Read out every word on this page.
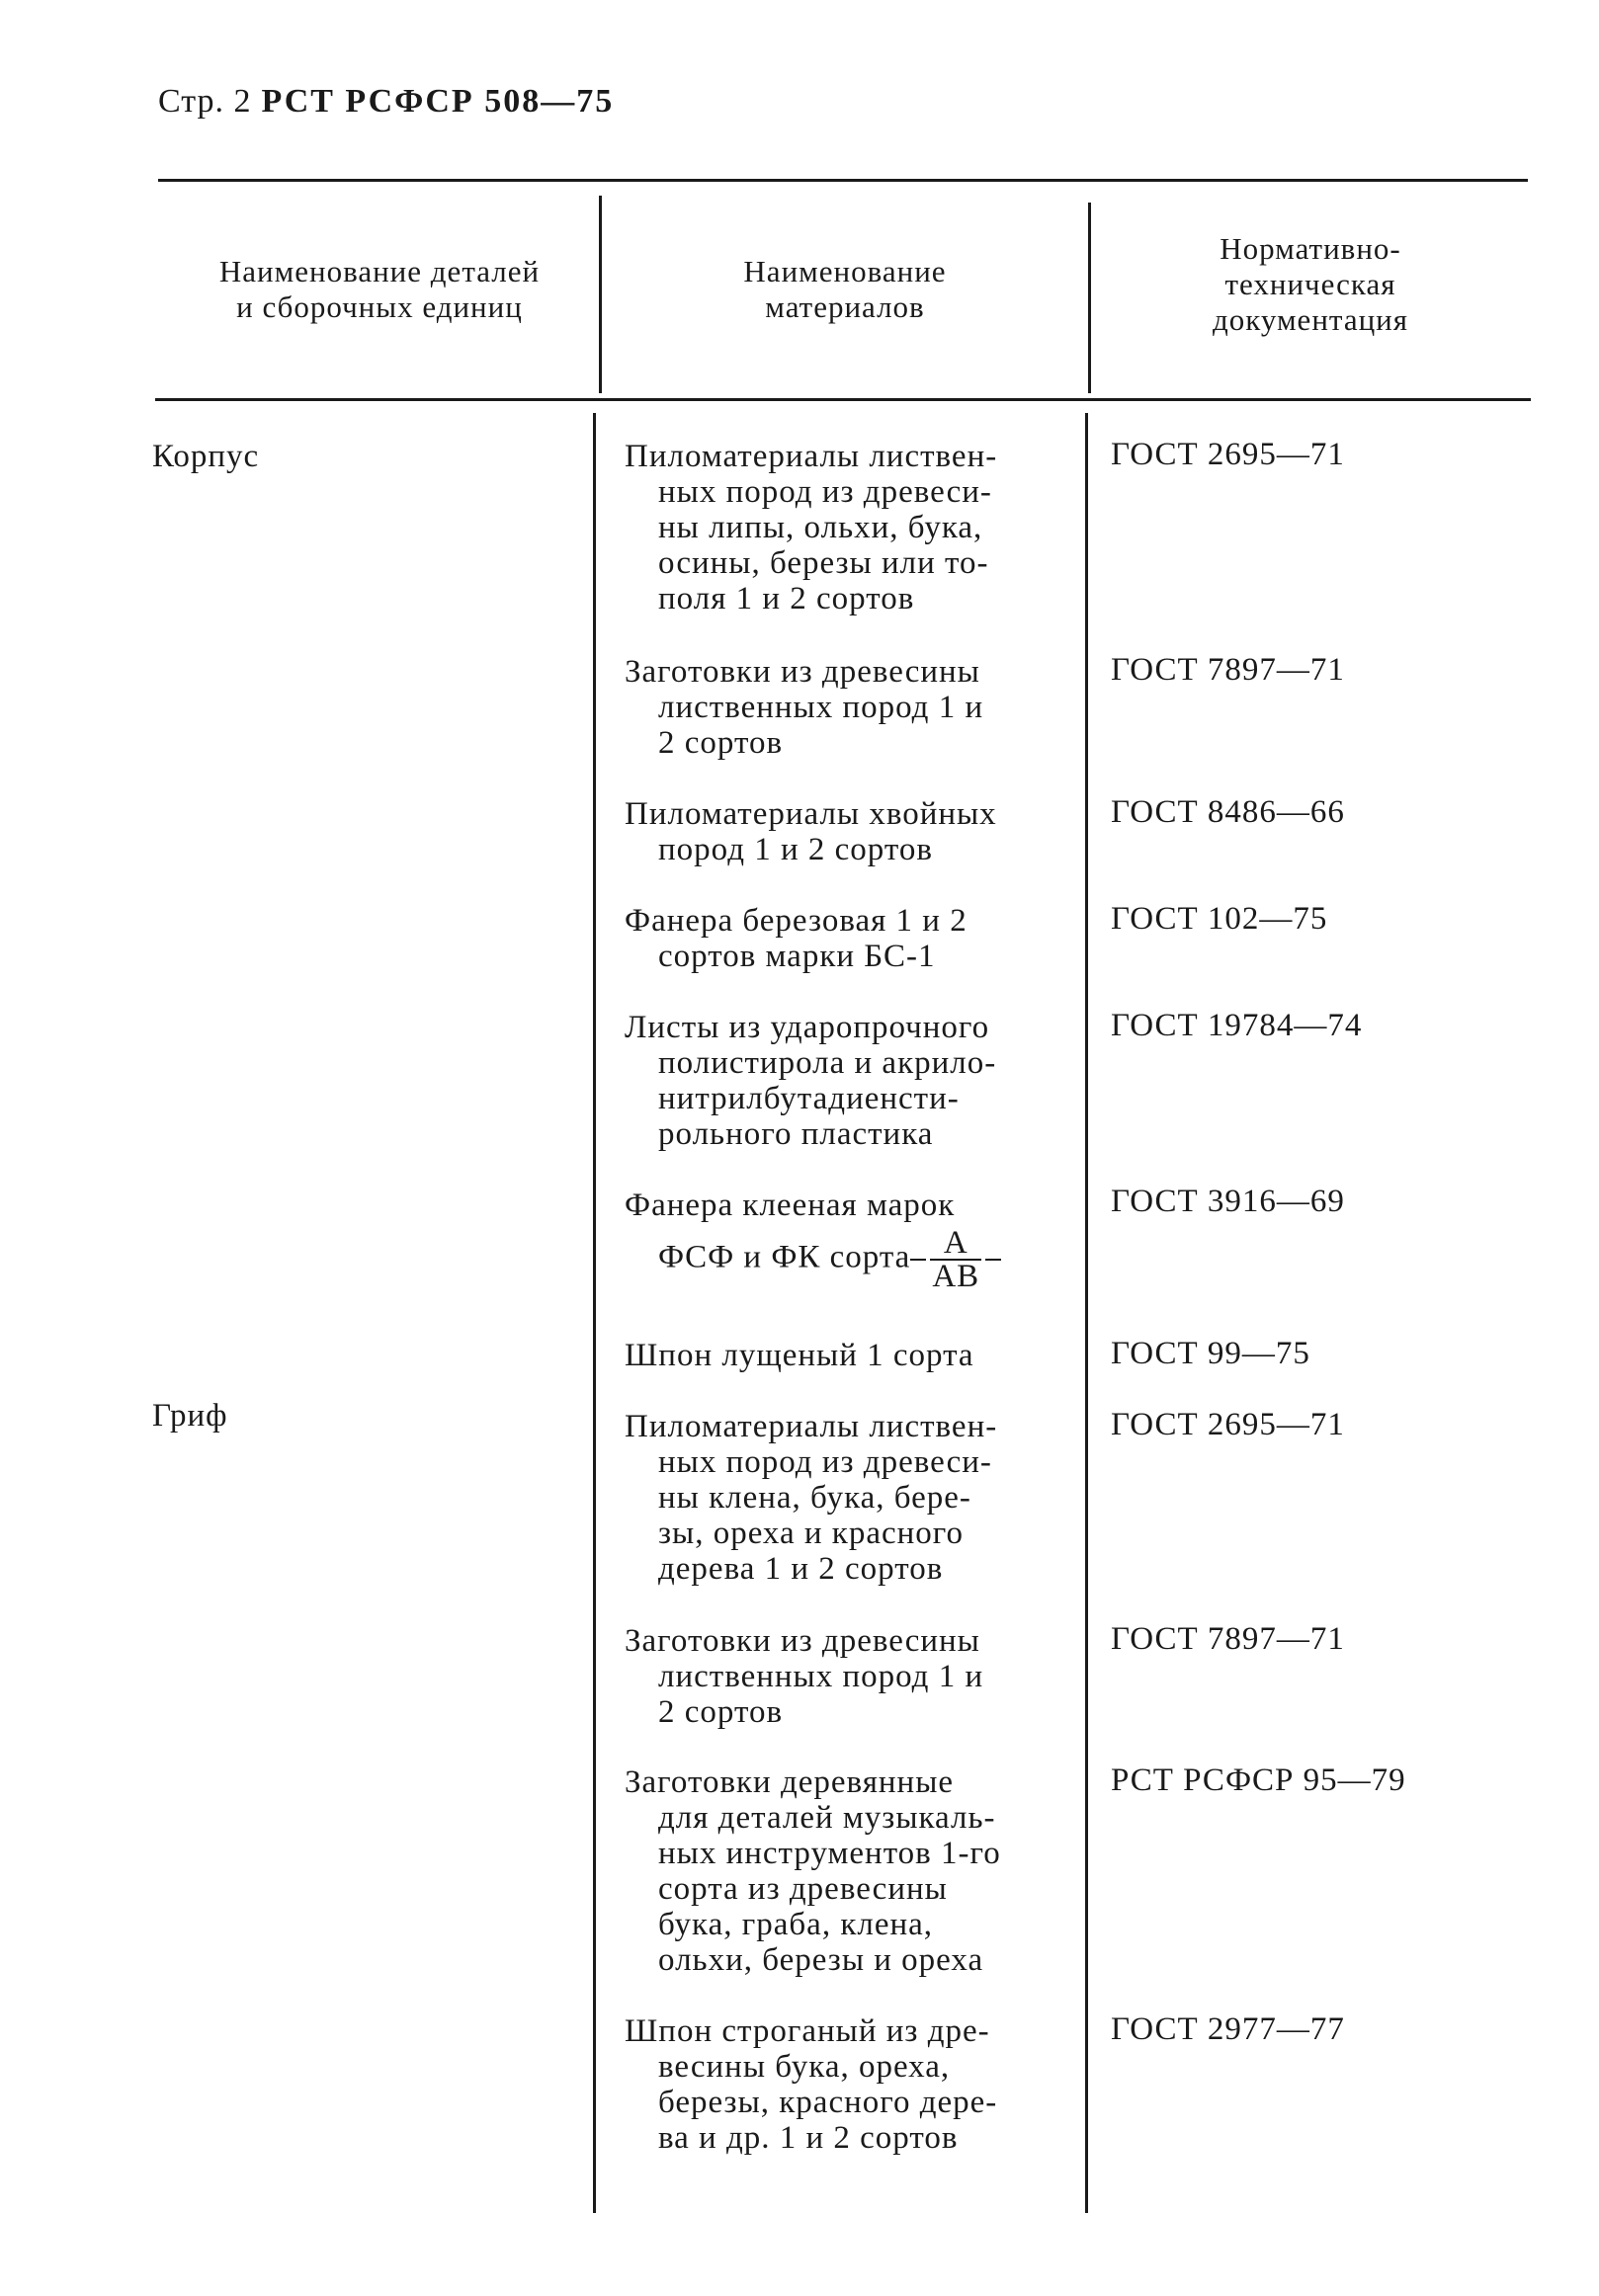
Стр. 2 РСТ РСФСР 508—75
Наименование деталей
и сборочных единиц
Наименование
материалов
Нормативно-
техническая
документация
Корпус
Гриф
Пиломатериалы листвен-
ных пород из древеси-
ны липы, ольхи, бука,
осины, березы или то-
поля 1 и 2 сортов
ГОСТ 2695—71
Заготовки из древесины
лиственных пород 1 и
2 сортов
ГОСТ 7897—71
Пиломатериалы хвойных
пород 1 и 2 сортов
ГОСТ 8486—66
Фанера березовая 1 и 2
сортов марки БС-1
ГОСТ 102—75
Листы из ударопрочного
полистирола и акрило-
нитрилбутадиенсти-
рольного пластика
ГОСТ 19784—74
Фанера клееная марок
ФСФ и ФК сорта $\frac{А}{АВ}$
ГОСТ 3916—69
Шпон лущеный 1 сорта	ГОСТ 99—75
Пиломатериалы листвен-
ных пород из древеси-
ны клена, бука, бере-
зы, ореха и красного
дерева 1 и 2 сортов
ГОСТ 2695—71
Заготовки из древесины
лиственных пород 1 и
2 сортов
ГОСТ 7897—71
Заготовки деревянные
для деталей музыкаль-
ных инструментов 1-го
сорта из древесины
бука, граба, клена,
ольхи, березы и ореха
РСТ РСФСР 95—79
Шпон строганый из дре-
весины бука, ореха,
березы, красного дере-
ва и др. 1 и 2 сортов
ГОСТ 2977—77
